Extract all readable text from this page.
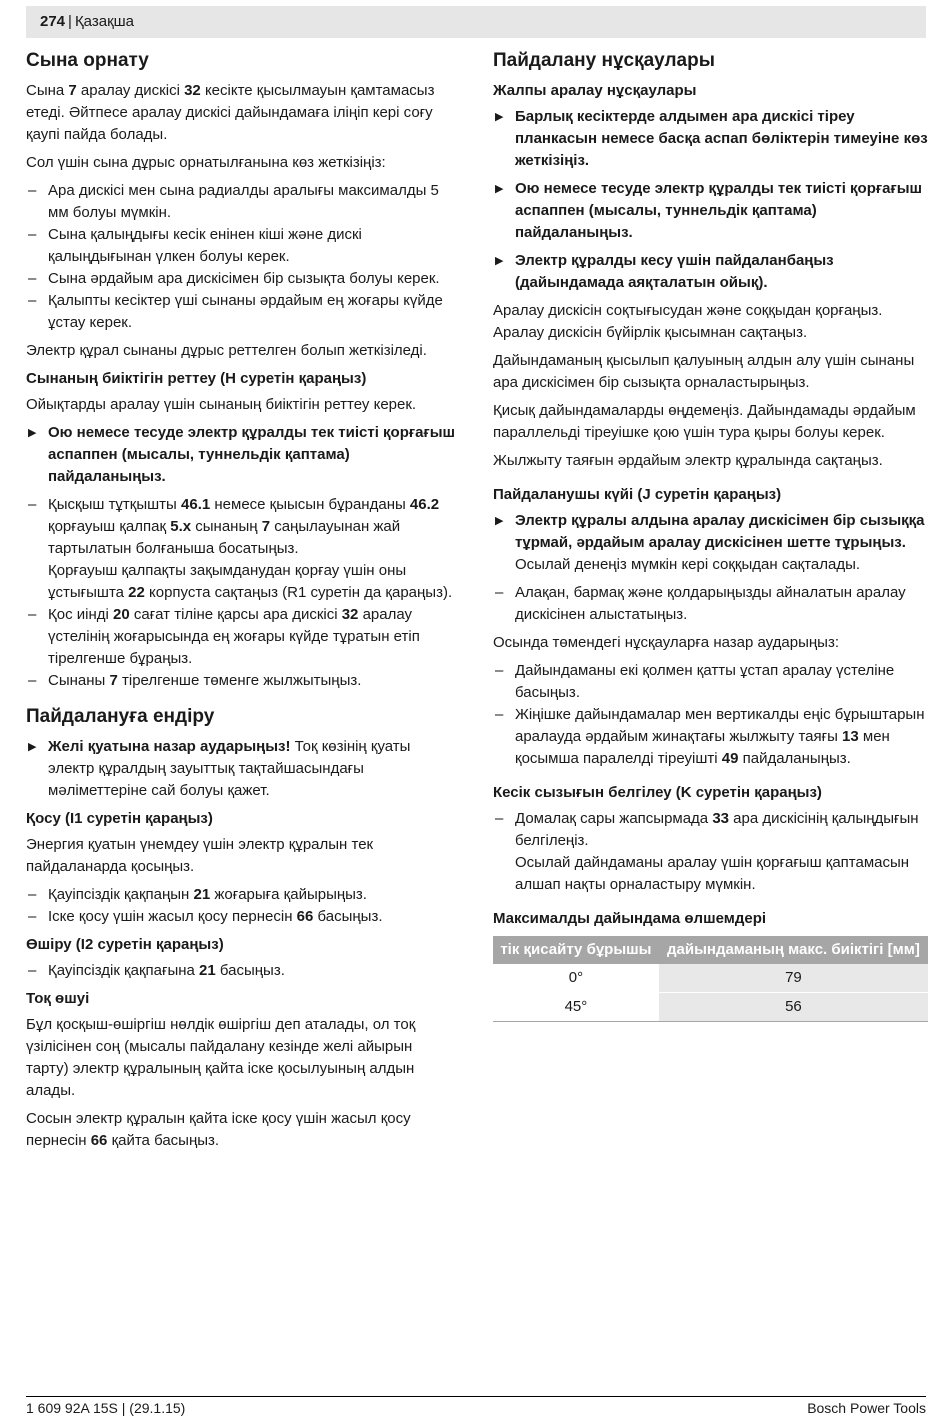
274 | Қазақша
Сына орнату

Сына 7 аралау дискісі 32 кесікте қысылмауын қамтамасыз етеді. Әйтпесе аралау дискісі дайындамаға іліңіп кері соғу қаупі пайда болады.

Сол үшін сына дұрыс орнатылғанына көз жеткізіңіз:

– Ара дискісі мен сына радиалды аралығы максималды 5 мм болуы мүмкін.
– Сына қалыңдығы кесік енінен кіші және дискі қалыңдығынан үлкен болуы керек.
– Сына әрдайым ара дискісімен бір сызықта болуы керек.
– Қалыпты кесіктер үші сынаны әрдайым ең жоғары күйде ұстау керек.

Электр құрал сынаны дұрыс реттелген болып жеткізіледі.

Сынаның биіктігін реттеу (H суретін қараңыз)

Ойықтарды аралау үшін сынаның биіктігін реттеу керек.

▶ Ою немесе тесуде электр құралды тек тиісті қорғағыш аспаппен (мысалы, туннельдік қаптама) пайдаланыңыз.
– Қысқыш тұтқышты 46.1 немесе қыысын бұранданы 46.2 қорғауыш қалпақ 5.х сынаның 7 саңылауынан жай тартылатын болғаныша босатыңыз.
Қорғауыш қалпақты зақымданудан қорғау үшін оны ұстығышта 22 корпуста сақтаңыз (R1 суретін да қараңыз).
– Қос иінді 20 сағат тіліне қарсы ара дискісі 32 аралау үстелінің жоғарысында ең жоғары күйде тұратын етіп тірелгенше бұраңыз.
– Сынаны 7 тірелгенше төменге жылжытыңыз.
Пайдалануға ендіру
▶ Желі қуатына назар аударыңыз! Тоқ көзінің қуаты электр құралдың зауыттық тақтайшасындағы мәліметтеріне сай болуы қажет.
Қосу (I1 суретін қараңыз)

Энергия қуатын үнемдеу үшін электр құралын тек пайдаланарда қосыңыз.

– Қауіпсіздік қақпаңын 21 жоғарыға қайырыңыз.
– Іске қосу үшін жасыл қосу пернесін 66 басыңыз.
Өшіру (I2 суретін қараңыз)
– Қауіпсіздік қақпағына 21 басыңыз.
Тоқ өшуі

Бұл қосқыш-өшіргіш нөлдік өшіргіш деп аталады, ол тоқ үзілісінен соң (мысалы пайдалану кезінде желі айырын тарту) электр құралының қайта іске қосылуының алдын алады.

Сосын электр құралын қайта іске қосу үшін жасыл қосу пернесін 66 қайта басыңыз.

Пайдалану нұсқаулары
Жалпы аралау нұсқаулары
▶ Барлық кесіктерде алдымен ара дискісі тіреу планкасын немесе басқа аспап бөліктерін тимеуіне көз жеткізіңіз.
▶ Ою немесе тесуде электр құралды тек тиісті қорғағыш аспаппен (мысалы, туннельдік қаптама) пайдаланыңыз.
▶ Электр құралды кесу үшін пайдаланбаңыз (дайындамада аяқталатын ойық).

Аралау дискісін соқтығысудан және соққыдан қорғаңыз. Аралау дискісін бүйірлік қысымнан сақтаңыз.

Дайындаманың қысылып қалуының алдын алу үшін сынаны ара дискісімен бір сызықта орналастырыңыз.

Қисық дайындамаларды өңдемеңіз. Дайындамады әрдайым параллельді тіреуішке қою үшін тура қыры болуы керек.

Жылжыту таяғын әрдайым электр құралында сақтаңыз.

Пайдаланушы күйі (J суретін қараңыз)
▶ Электр құралы алдына аралау дискісімен бір сызыққа тұрмай, әрдайым аралау дискісінен шетте тұрыңыз. Осылай денеңіз мүмкін кері соққыдан сақталады.
– Алақан, бармақ және қолдарыңызды айналатын аралау дискісінен алыстатыңыз.

Осында төмендегі нұсқауларға назар аударыңыз:

– Дайындаманы екі қолмен қатты ұстап аралау үстеліне басыңыз.
– Жіңішке дайындамалар мен вертикалды еңіс бұрыштарын аралауда әрдайым жинақтағы жылжыту таяғы 13 мен қосымша паралелді тіреуішті 49 пайдаланыңыз.
Кесік сызығын белгілеу (K суретін қараңыз)
– Домалақ сары жапсырмада 33 ара дискісінің қалыңдығын белгілеңіз.
Осылай дайндаманы аралау үшін қорғағыш қаптамасын алшап нақты орналастыру мүмкін.
Максималды дайындама өлшемдері
тік қисайту бұрышы	дайындаманың макс. биіктігі [мм]
0°	79
45°	56
1 609 92A 15S | (29.1.15)	Bosch Power Tools
